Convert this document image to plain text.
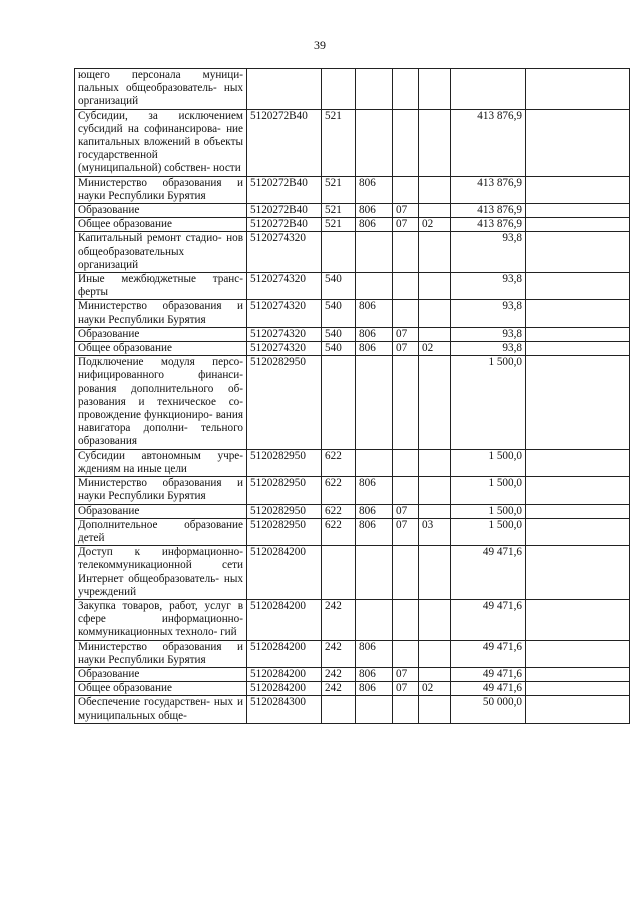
39
ющего персонала муници- пальных общеобразователь- ных организаций							
Субсидии, за исключением субсидий на софинансирова- ние капитальных вложений в объекты государственной (муниципальной) собствен- ности	5120272В40	521				413 876,9	
Министерство образования и науки Республики Бурятия	5120272В40	521	806			413 876,9	
Образование	5120272В40	521	806	07		413 876,9	
Общее образование	5120272В40	521	806	07	02	413 876,9	
Капитальный ремонт стадио- нов общеобразовательных организаций	5120274320					93,8	
Иные межбюджетные транс- ферты	5120274320	540				93,8	
Министерство образования и науки Республики Бурятия	5120274320	540	806			93,8	
Образование	5120274320	540	806	07		93,8	
Общее образование	5120274320	540	806	07	02	93,8	
Подключение модуля персо- нифицированного финанси- рования дополнительного об- разования и техническое со- провождение функциониро- вания навигатора дополни- тельного образования	5120282950					1 500,0	
Субсидии автономным учре- ждениям на иные цели	5120282950	622				1 500,0	
Министерство образования и науки Республики Бурятия	5120282950	622	806			1 500,0	
Образование	5120282950	622	806	07		1 500,0	
Дополнительное образование детей	5120282950	622	806	07	03	1 500,0	
Доступ к информационно- телекоммуникационной сети Интернет общеобразователь- ных учреждений	5120284200					49 471,6	
Закупка товаров, работ, услуг в сфере информационно- коммуникационных техноло- гий	5120284200	242				49 471,6	
Министерство образования и науки Республики Бурятия	5120284200	242	806			49 471,6	
Образование	5120284200	242	806	07		49 471,6	
Общее образование	5120284200	242	806	07	02	49 471,6	
Обеспечение государствен- ных и муниципальных обще-	5120284300					50 000,0	
